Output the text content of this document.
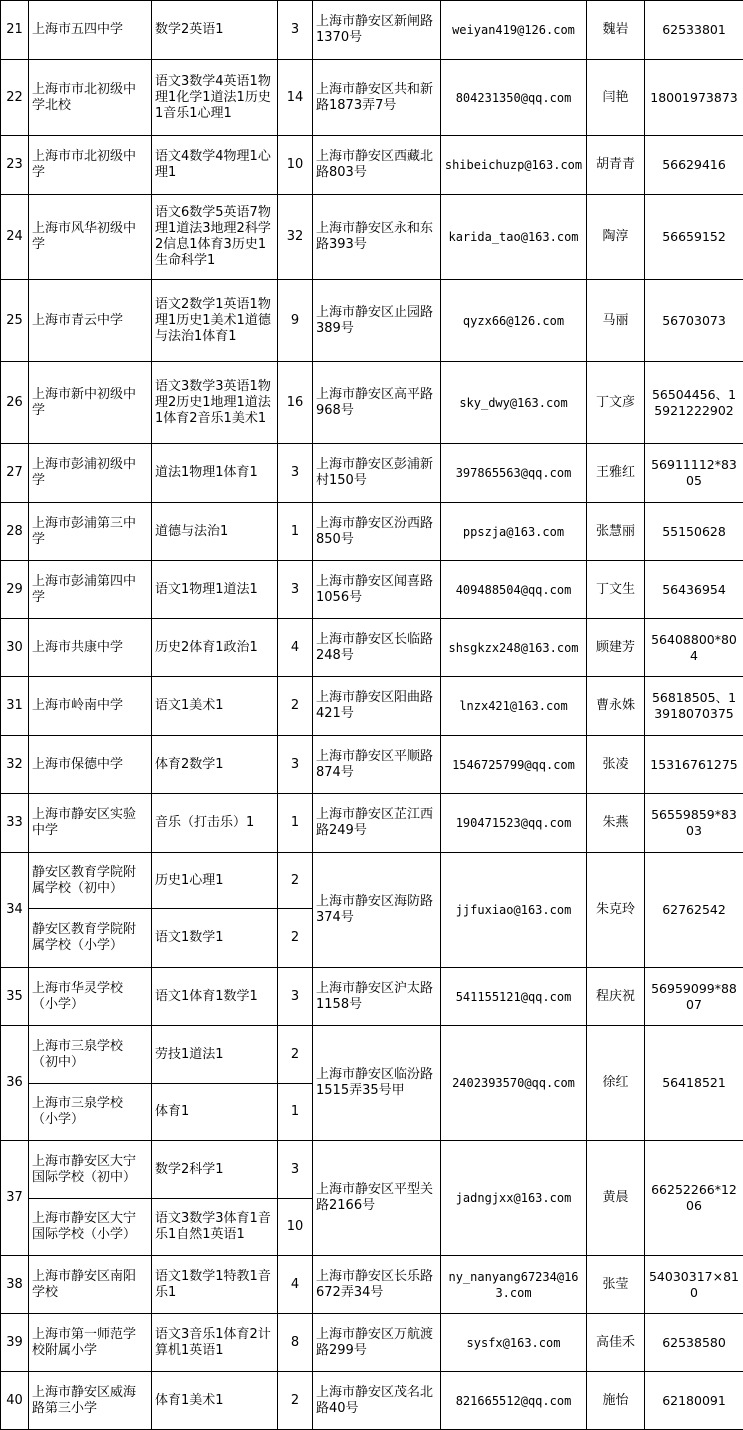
21	上海市五四中学	数学2英语1	3	上海市静安区新闸路1370号	weiyan419@126.com	魏岩	62533801
22	上海市市北初级中学北校	语文3数学4英语1物理1化学1道法1历史1音乐1心理1	14	上海市静安区共和新路1873弄7号	804231350@qq.com	闫艳	18001973873
23	上海市市北初级中学	语文4数学4物理1心理1	10	上海市静安区西藏北路803号	shibeichuzp@163.com	胡青青	56629416
24	上海市风华初级中学	语文6数学5英语7物理1道法3地理2科学2信息1体育3历史1生命科学1	32	上海市静安区永和东路393号	karida_tao@163.com	陶淳	56659152
25	上海市青云中学	语文2数学1英语1物理1历史1美术1道德与法治1体育1	9	上海市静安区止园路389号	qyzx66@126.com	马丽	56703073
26	上海市新中初级中学	语文3数学3英语1物理2历史1地理1道法1体育2音乐1美术1	16	上海市静安区高平路968号	sky_dwy@163.com	丁文彦	56504456、15921222902
27	上海市彭浦初级中学	道法1物理1体育1	3	上海市静安区彭浦新村150号	397865563@qq.com	王雅红	56911112*8305
28	上海市彭浦第三中学	道德与法治1	1	上海市静安区汾西路850号	ppszja@163.com	张慧丽	55150628
29	上海市彭浦第四中学	语文1物理1道法1	3	上海市静安区闻喜路1056号	409488504@qq.com	丁文生	56436954
30	上海市共康中学	历史2体育1政治1	4	上海市静安区长临路248号	shsgkzx248@163.com	顾建芳	56408800*804
31	上海市岭南中学	语文1美术1	2	上海市静安区阳曲路421号	lnzx421@163.com	曹永姝	56818505、13918070375
32	上海市保德中学	体育2数学1	3	上海市静安区平顺路874号	1546725799@qq.com	张凌	15316761275
33	上海市静安区实验中学	音乐（打击乐）1	1	上海市静安区芷江西路249号	190471523@qq.com	朱燕	56559859*8303
34	静安区教育学院附属学校（初中）	历史1心理1	2	上海市静安区海防路374号	jjfuxiao@163.com	朱克玲	62762542
	静安区教育学院附属学校（小学）	语文1数学1	2				
35	上海市华灵学校（小学）	语文1体育1数学1	3	上海市静安区沪太路1158号	541155121@qq.com	程庆祝	56959099*8807
36	上海市三泉学校（初中）	劳技1道法1	2	上海市静安区临汾路1515弄35号甲	2402393570@qq.com	徐红	56418521
	上海市三泉学校（小学）	体育1	1				
37	上海市静安区大宁国际学校（初中）	数学2科学1	3	上海市静安区平型关路2166号	jadngjxx@163.com	黄晨	66252266*1206
	上海市静安区大宁国际学校（小学）	语文3数学3体育1音乐1自然1英语1	10				
38	上海市静安区南阳学校	语文1数学1特教1音乐1	4	上海市静安区长乐路672弄34号	ny_nanyang67234@163.com	张莹	54030317×810
39	上海市第一师范学校附属小学	语文3音乐1体育2计算机1英语1	8	上海市静安区万航渡路299号	sysfx@163.com	高佳禾	62538580
40	上海市静安区威海路第三小学	体育1美术1	2	上海市静安区茂名北路40号	821665512@qq.com	施怡	62180091
